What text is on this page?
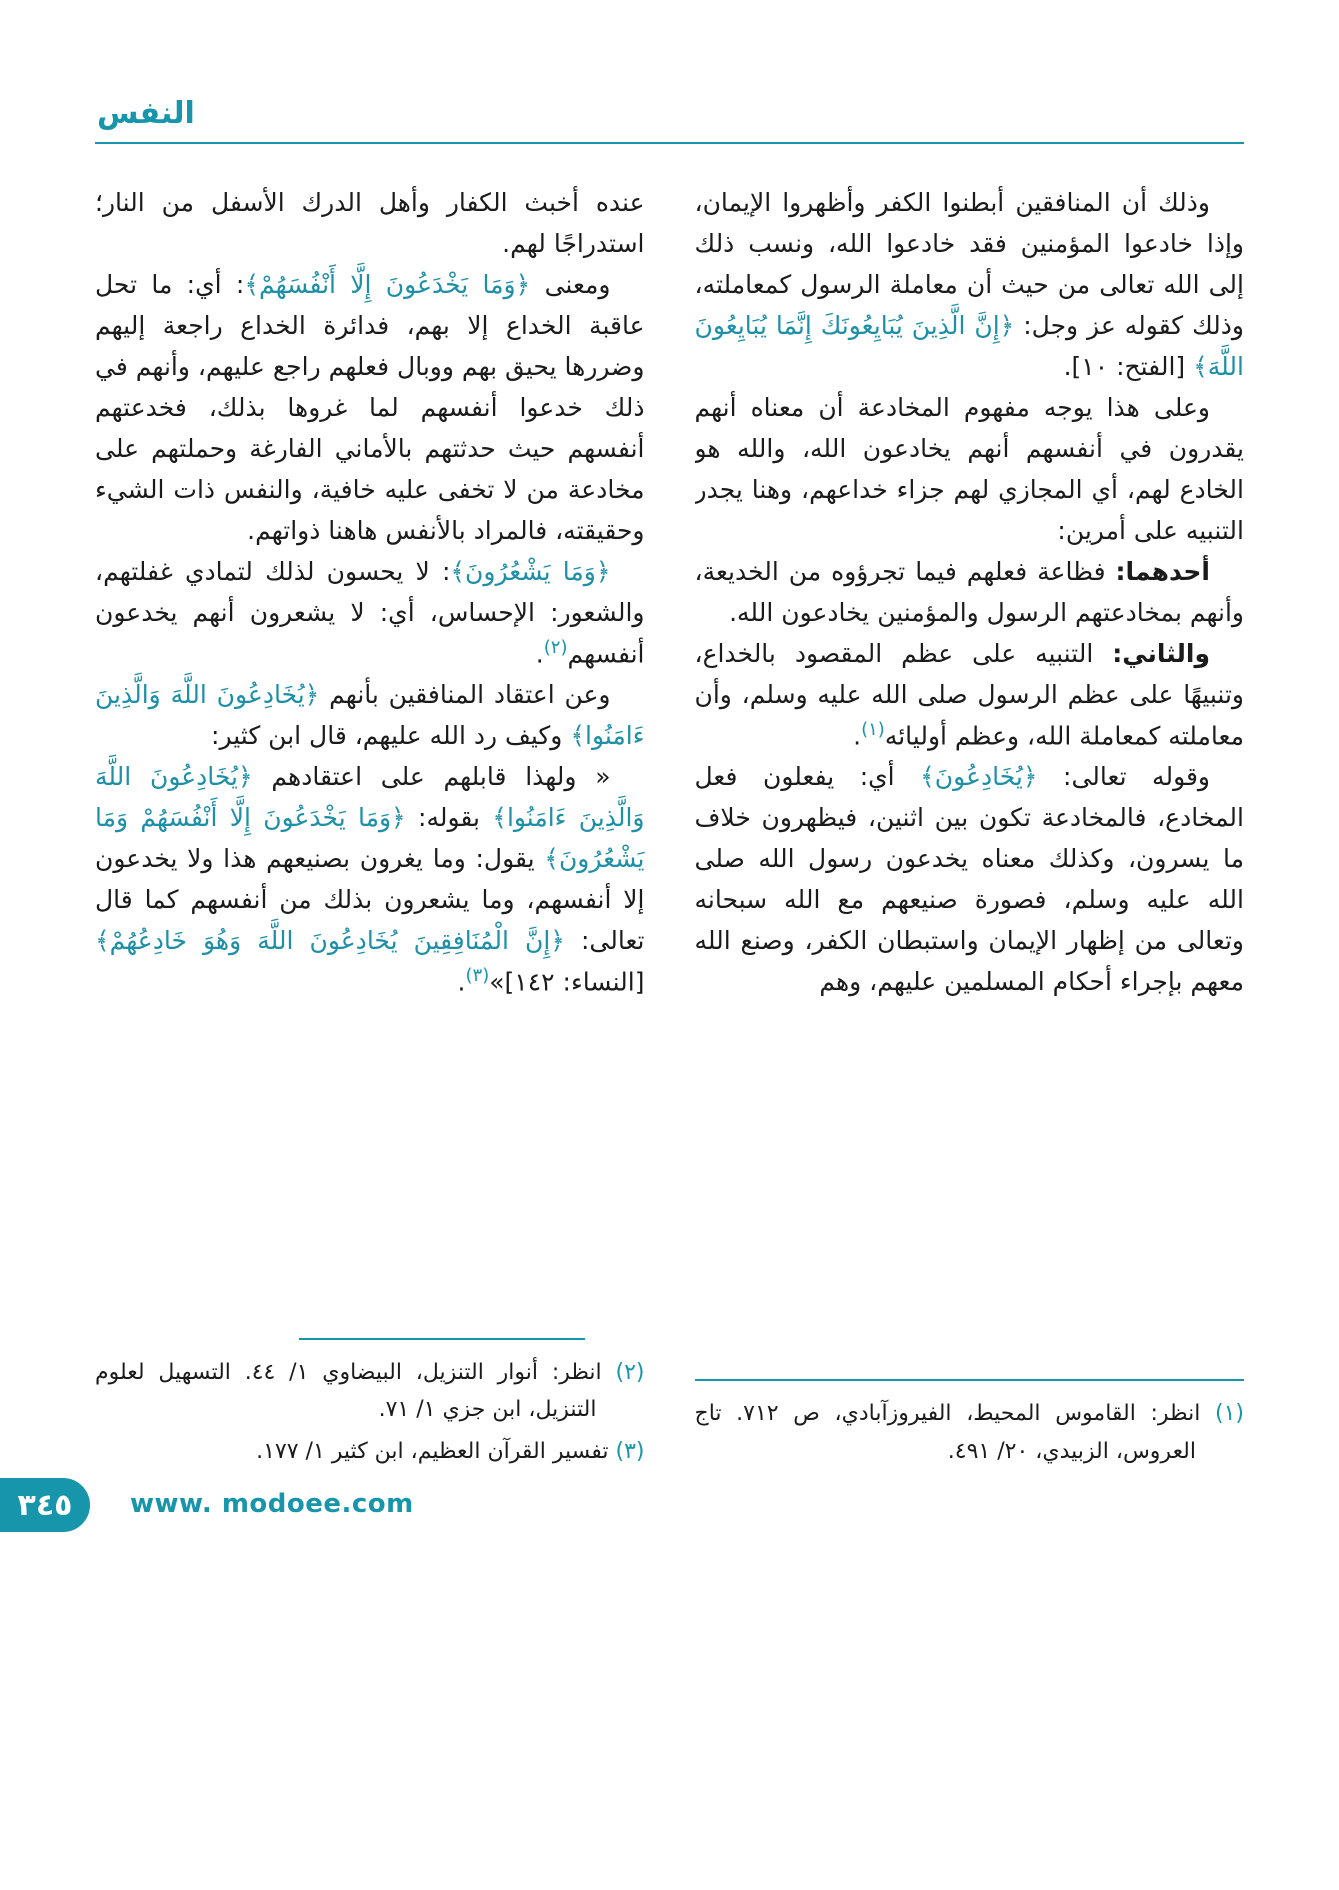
النفس

وذلك أن المنافقين أبطنوا الكفر وأظهروا الإيمان، وإذا خادعوا المؤمنين فقد خادعوا الله، ونسب ذلك إلى الله تعالى من حيث أن معاملة الرسول كمعاملته، وذلك كقوله عز وجل: ﴿إِنَّ الَّذِينَ يُبَايِعُونَكَ إِنَّمَا يُبَايِعُونَ اللَّهَ﴾ [الفتح: ١٠].

وعلى هذا يوجه مفهوم المخادعة أن معناه أنهم يقدرون في أنفسهم أنهم يخادعون الله، والله هو الخادع لهم، أي المجازي لهم جزاء خداعهم، وهنا يجدر التنبيه على أمرين:

أحدهما: فظاعة فعلهم فيما تجرؤوه من الخديعة، وأنهم بمخادعتهم الرسول والمؤمنين يخادعون الله.

والثاني: التنبيه على عظم المقصود بالخداع، وتنبيهًا على عظم الرسول صلى الله عليه وسلم، وأن معاملته كمعاملة الله، وعظم أوليائه$^{(١)}$.

وقوله تعالى: ﴿يُخَادِعُونَ﴾ أي: يفعلون فعل المخادع، فالمخادعة تكون بين اثنين، فيظهرون خلاف ما يسرون، وكذلك معناه يخدعون رسول الله صلى الله عليه وسلم، فصورة صنيعهم مع الله سبحانه وتعالى من إظهار الإيمان واستبطان الكفر، وصنع الله معهم بإجراء أحكام المسلمين عليهم، وهم

(١) انظر: القاموس المحيط، الفيروزآبادي، ص ٧١٢. تاج العروس، الزبيدي، ٢٠/ ٤٩١.

عنده أخبث الكفار وأهل الدرك الأسفل من النار؛ استدراجًا لهم.

ومعنى ﴿وَمَا يَخْدَعُونَ إِلَّا أَنْفُسَهُمْ﴾: أي: ما تحل عاقبة الخداع إلا بهم، فدائرة الخداع راجعة إليهم وضررها يحيق بهم ووبال فعلهم راجع عليهم، وأنهم في ذلك خدعوا أنفسهم لما غروها بذلك، فخدعتهم أنفسهم حيث حدثتهم بالأماني الفارغة وحملتهم على مخادعة من لا تخفى عليه خافية، والنفس ذات الشيء وحقيقته، فالمراد بالأنفس هاهنا ذواتهم.

﴿وَمَا يَشْعُرُونَ﴾: لا يحسون لذلك لتمادي غفلتهم، والشعور: الإحساس، أي: لا يشعرون أنهم يخدعون أنفسهم$^{(٢)}$.

وعن اعتقاد المنافقين بأنهم ﴿يُخَادِعُونَ اللَّهَ وَالَّذِينَ ءَامَنُوا﴾ وكيف رد الله عليهم، قال ابن كثير:

« ولهذا قابلهم على اعتقادهم ﴿يُخَادِعُونَ اللَّهَ وَالَّذِينَ ءَامَنُوا﴾ بقوله: ﴿وَمَا يَخْدَعُونَ إِلَّا أَنْفُسَهُمْ وَمَا يَشْعُرُونَ﴾ يقول: وما يغرون بصنيعهم هذا ولا يخدعون إلا أنفسهم، وما يشعرون بذلك من أنفسهم كما قال تعالى: ﴿إِنَّ الْمُنَافِقِينَ يُخَادِعُونَ اللَّهَ وَهُوَ خَادِعُهُمْ﴾ [النساء: ١٤٢]»$^{(٣)}$.

(٢) انظر: أنوار التنزيل، البيضاوي ١/ ٤٤. التسهيل لعلوم التنزيل، ابن جزي ١/ ٧١.

(٣) تفسير القرآن العظيم، ابن كثير ١/ ١٧٧.

٣٤٥ www. modoee.com
